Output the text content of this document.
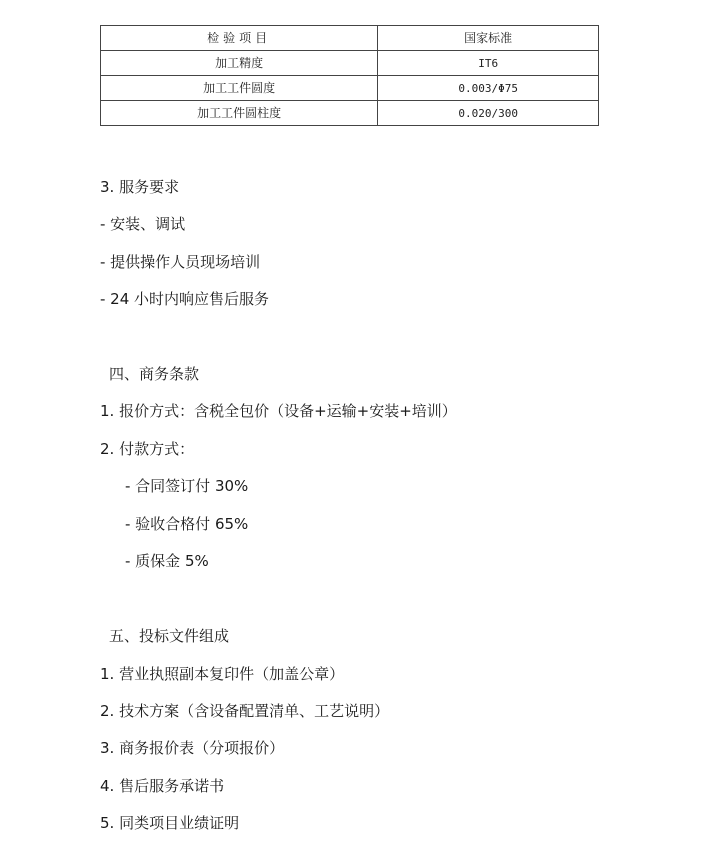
检验项目	国家标准
加工精度	IT6
加工工件圆度	0.003/Φ75
加工工件圆柱度	0.020/300
3. 服务要求
- 安装、调试
- 提供操作人员现场培训
- 24 小时内响应售后服务
四、商务条款
1. 报价方式：含税全包价（设备+运输+安装+培训）
2. 付款方式：
- 合同签订付 30%
- 验收合格付 65%
- 质保金 5%
五、投标文件组成
1. 营业执照副本复印件（加盖公章）
2. 技术方案（含设备配置清单、工艺说明）
3. 商务报价表（分项报价）
4. 售后服务承诺书
5. 同类项目业绩证明
